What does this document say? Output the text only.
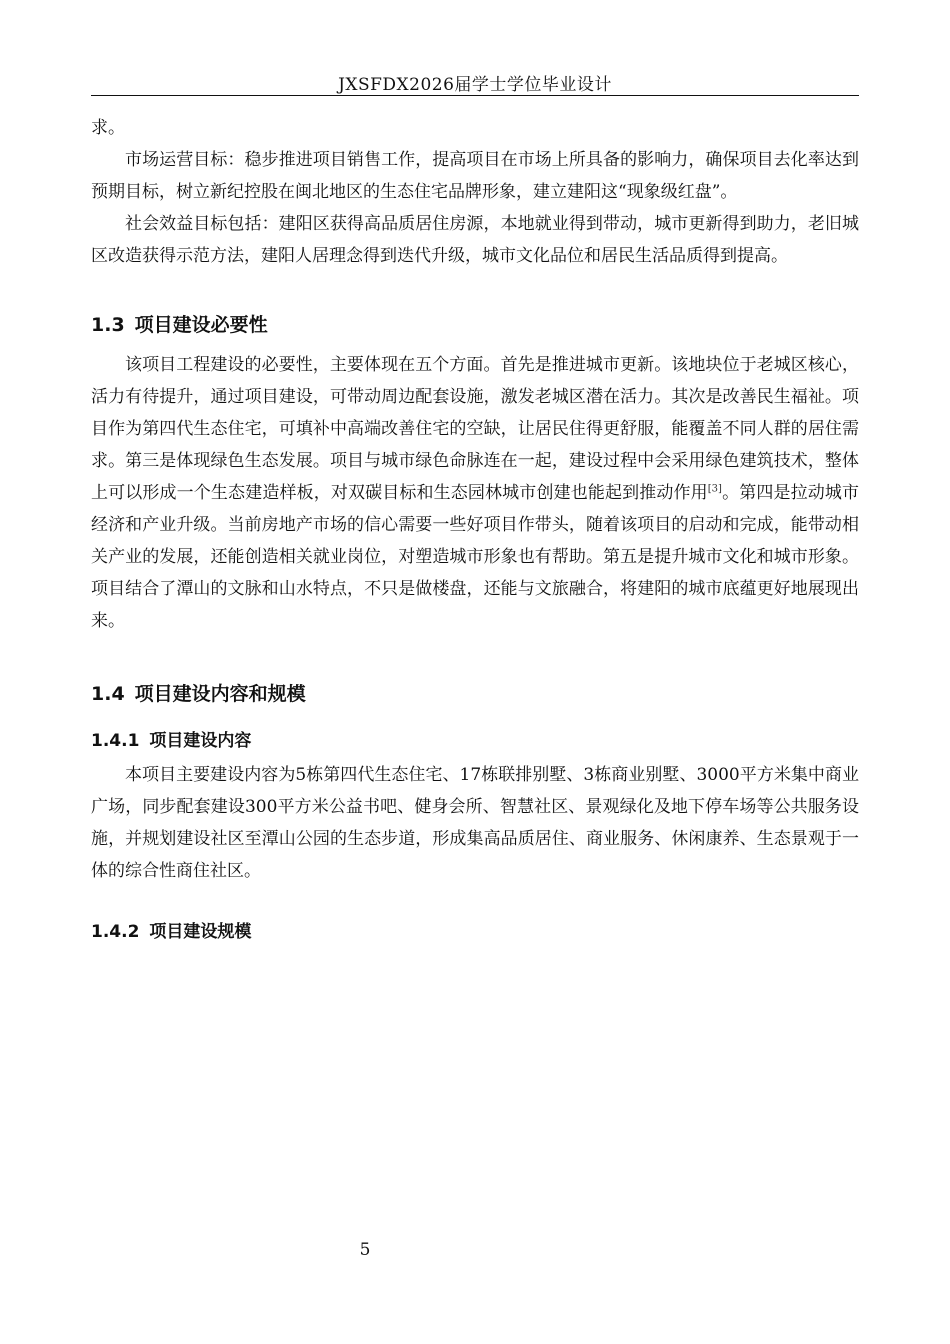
JXSFDX2026届学士学位毕业设计

求。

市场运营目标：稳步推进项目销售工作，提高项目在市场上所具备的影响力，确保项目去化率达到预期目标，树立新纪控股在闽北地区的生态住宅品牌形象，建立建阳这“现象级红盘”。

社会效益目标包括：建阳区获得高品质居住房源，本地就业得到带动，城市更新得到助力，老旧城区改造获得示范方法，建阳人居理念得到迭代升级，城市文化品位和居民生活品质得到提高。

1.3 项目建设必要性

该项目工程建设的必要性，主要体现在五个方面。首先是推进城市更新。该地块位于老城区核心，活力有待提升，通过项目建设，可带动周边配套设施，激发老城区潜在活力。其次是改善民生福祉。项目作为第四代生态住宅，可填补中高端改善住宅的空缺，让居民住得更舒服，能覆盖不同人群的居住需求。第三是体现绿色生态发展。项目与城市绿色命脉连在一起，建设过程中会采用绿色建筑技术，整体上可以形成一个生态建造样板，对双碳目标和生态园林城市创建也能起到推动作用[3]。第四是拉动城市经济和产业升级。当前房地产市场的信心需要一些好项目作带头，随着该项目的启动和完成，能带动相关产业的发展，还能创造相关就业岗位，对塑造城市形象也有帮助。第五是提升城市文化和城市形象。项目结合了潭山的文脉和山水特点，不只是做楼盘，还能与文旅融合，将建阳的城市底蕴更好地展现出来。

1.4 项目建设内容和规模
1.4.1 项目建设内容

本项目主要建设内容为5栋第四代生态住宅、17栋联排别墅、3栋商业别墅、3000平方米集中商业广场，同步配套建设300平方米公益书吧、健身会所、智慧社区、景观绿化及地下停车场等公共服务设施，并规划建设社区至潭山公园的生态步道，形成集高品质居住、商业服务、休闲康养、生态景观于一体的综合性商住社区。

1.4.2 项目建设规模
5
